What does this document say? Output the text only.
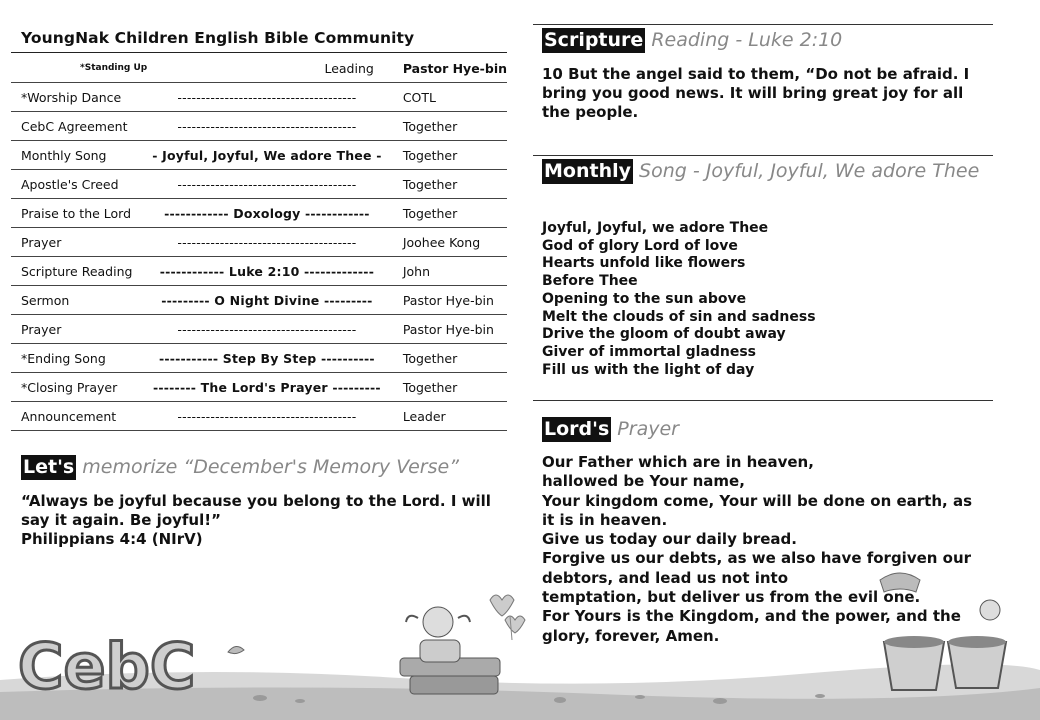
YoungNak Children English Bible Community
*Standing Up	Leading	Pastor Hye-bin
*Worship Dance	--------------------------------------	COTL
CebC Agreement	--------------------------------------	Together
Monthly Song	- Joyful, Joyful, We adore Thee -	Together
Apostle's Creed	--------------------------------------	Together
Praise to the Lord	------------ Doxology ------------	Together
Prayer	--------------------------------------	Joohee Kong
Scripture Reading	------------ Luke 2:10 -------------	John
Sermon	--------- O Night Divine ---------	Pastor Hye-bin
Prayer	--------------------------------------	Pastor Hye-bin
*Ending Song	----------- Step By Step ----------	Together
*Closing Prayer	-------- The Lord's Prayer ---------	Together
Announcement	--------------------------------------	Leader
Let's memorize “December's Memory Verse”
“Always be joyful because you belong to the Lord. I will say it again. Be joyful!”
Philippians 4:4 (NIrV)
Scripture Reading - Luke 2:10
10 But the angel said to them, “Do not be afraid. I bring you good news. It will bring great joy for all the people.
Monthly Song - Joyful, Joyful, We adore Thee
Joyful, Joyful, we adore Thee
God of glory Lord of love
Hearts unfold like flowers
Before Thee
Opening to the sun above
Melt the clouds of sin and sadness
Drive the gloom of doubt away
Giver of immortal gladness
Fill us with the light of day
Lord's Prayer
Our Father which are in heaven,
hallowed be Your name,
Your kingdom come, Your will be done on earth, as it is in heaven.
Give us today our daily bread.
Forgive us our debts, as we also have forgiven our debtors, and lead us not into
temptation, but deliver us from the evil one.
For Yours is the Kingdom, and the power, and the glory, forever, Amen.
CebC
